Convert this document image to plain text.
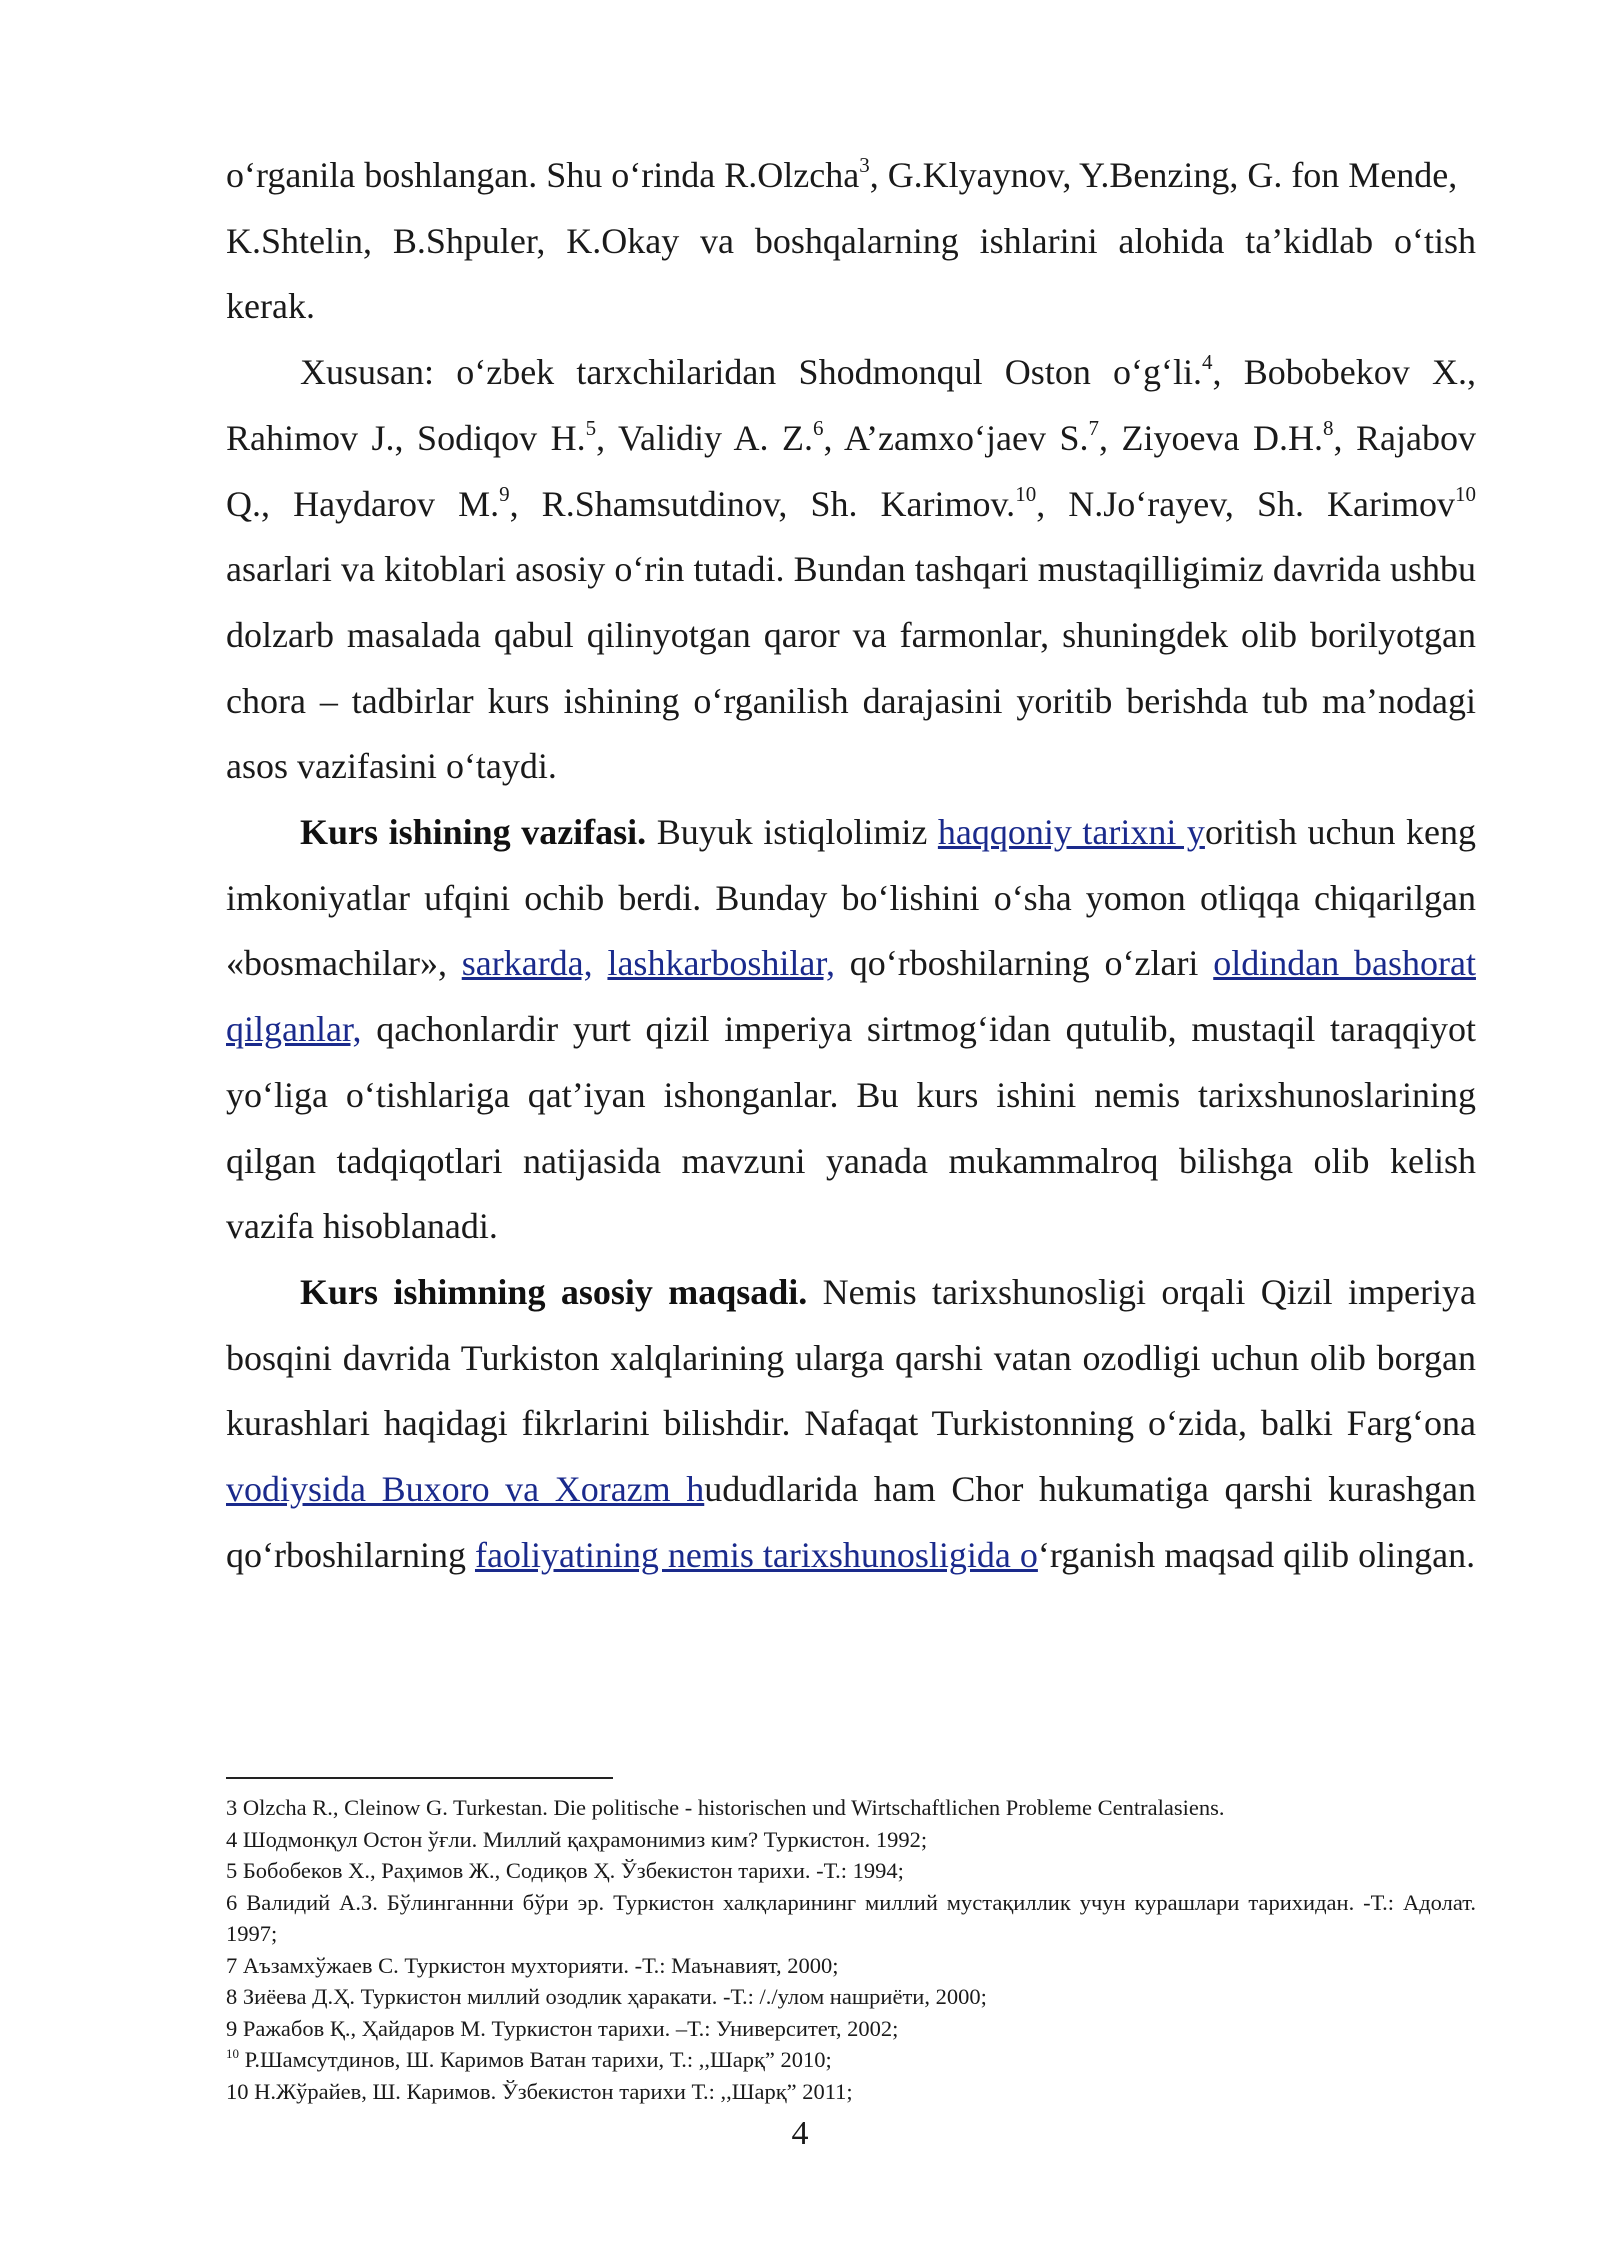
o‘rganila boshlangan. Shu o‘rinda R.Olzcha$^3$, G.Klyaynov, Y.Benzing, G. fon Mende,

K.Shtelin, B.Shpuler, K.Okay va boshqalarning ishlarini alohida ta’kidlab o‘tish kerak.

Xususan: o‘zbek tarxchilaridan Shodmonqul Oston o‘g‘li.$^4$, Bobobekov X., Rahimov J., Sodiqov H.$^5$, Validiy A. Z.$^6$, A’zamxo‘jaev S.$^7$, Ziyoeva D.H.$^8$, Rajabov Q., Haydarov M.$^9$, R.Shamsutdinov, Sh. Karimov.$^{10}$, N.Jo‘rayev, Sh. Karimov$^{10}$ asarlari va kitoblari asosiy o‘rin tutadi. Bundan tashqari mustaqilligimiz davrida ushbu dolzarb masalada qabul qilinyotgan qaror va farmonlar, shuningdek olib borilyotgan chora – tadbirlar kurs ishining o‘rganilish darajasini yoritib berishda tub ma’nodagi asos vazifasini o‘taydi.

Kurs ishining vazifasi. Buyuk istiqlolimiz haqqoniy tarixni yoritish uchun keng imkoniyatlar ufqini ochib berdi. Bunday bo‘lishini o‘sha yomon otliqqa chiqarilgan «bosmachilar», sarkarda, lashkarboshilar, qo‘rboshilarning o‘zlari oldindan bashorat qilganlar, qachonlardir yurt qizil imperiya sirtmog‘idan qutulib, mustaqil taraqqiyot yo‘liga o‘tishlariga qat’iyan ishonganlar. Bu kurs ishini nemis tarixshunoslarining qilgan tadqiqotlari natijasida mavzuni yanada mukammalroq bilishga olib kelish vazifa hisoblanadi.

Kurs ishimning asosiy maqsadi. Nemis tarixshunosligi orqali Qizil imperiya bosqini davrida Turkiston xalqlarining ularga qarshi vatan ozodligi uchun olib borgan kurashlari haqidagi fikrlarini bilishdir. Nafaqat Turkistonning o‘zida, balki Farg‘ona vodiysida Buxoro va Xorazm hududlarida ham Chor hukumatiga qarshi kurashgan qo‘rboshilarning faoliyatining nemis tarixshunosligida o‘rganish maqsad qilib olingan.

3 Olzcha R., Cleinow G. Turkestan. Die politische - historischen und Wirtschaftlichen Probleme Centralasiens.

4 Шодмонқул Остон ўғли. Миллий қаҳрамонимиз ким? Туркистон. 1992;

5 Бобобеков Х., Раҳимов Ж., Содиқов Ҳ. Ўзбекистон тарихи. -Т.: 1994;

6 Валидий А.З. Бўлинганнни бўри эр. Туркистон халқларининг миллий мустақиллик учун курашлари тарихидан. -Т.: Адолат. 1997;

7 Аъзамхўжаев С. Туркистон мухторияти. -Т.: Маънавият, 2000;

8 Зиёева Д.Ҳ. Туркистон миллий озодлик ҳаракати. -Т.: /./улом нашриёти, 2000;

9 Ражабов Қ., Ҳайдаров М. Туркистон тарихи. –Т.: Университет, 2002;

$^{10}$ Р.Шамсутдинов, Ш. Каримов Ватан тарихи, Т.: ,,Шарқ” 2010;

10 Н.Жўрайев, Ш. Каримов. Ўзбекистон тарихи Т.: ,,Шарқ” 2011;

4
